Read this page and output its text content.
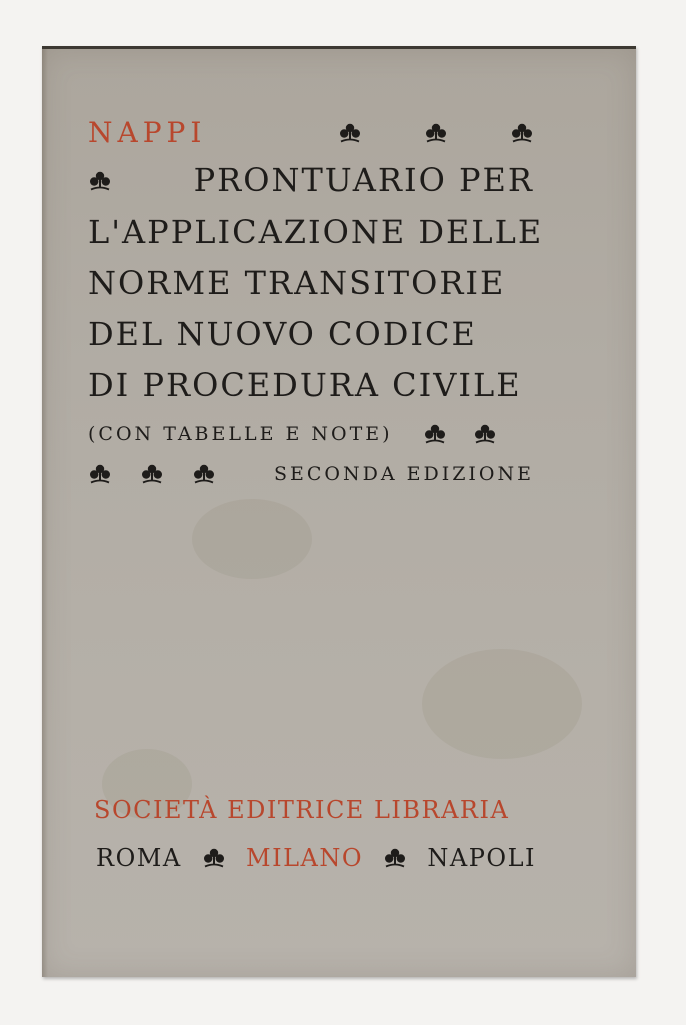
NAPPI
PRONTUARIO PER
L'APPLICAZIONE DELLE
NORME TRANSITORIE
DEL NUOVO CODICE
DI PROCEDURA CIVILE
(CON TABELLE E NOTE)
SECONDA EDIZIONE
SOCIETÀ EDITRICE LIBRARIA
ROMA	MILANO	NAPOLI
